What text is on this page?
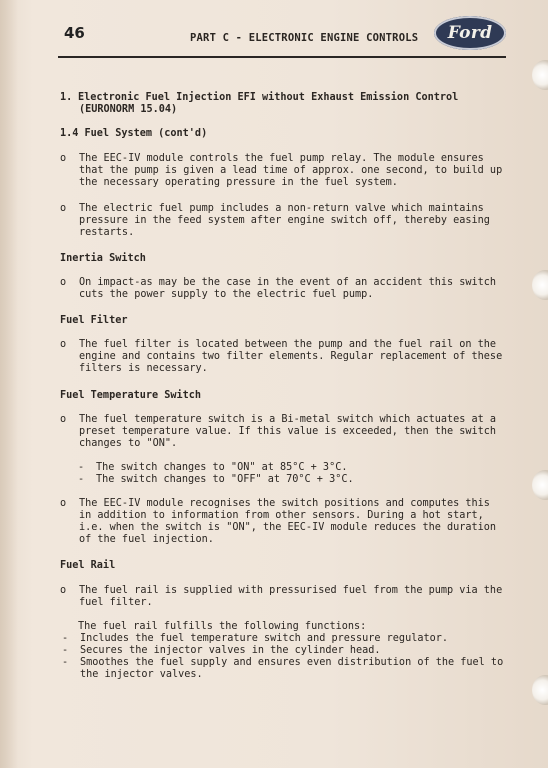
46	PART C - ELECTRONIC ENGINE CONTROLS Ford
1. Electronic Fuel Injection EFI without Exhaust Emission Control
(EURONORM 15.04)
1.4 Fuel System (cont'd)
o	The EEC-IV module controls the fuel pump relay. The module ensures that the pump is given a lead time of approx. one second, to build up the necessary operating pressure in the fuel system.
o	The electric fuel pump includes a non-return valve which maintains pressure in the feed system after engine switch off, thereby easing restarts.
Inertia Switch
o	On impact-as may be the case in the event of an accident this switch cuts the power supply to the electric fuel pump.
Fuel Filter
o	The fuel filter is located between the pump and the fuel rail on the engine and contains two filter elements. Regular replacement of these filters is necessary.
Fuel Temperature Switch
o	The fuel temperature switch is a Bi-metal switch which actuates at a preset temperature value. If this value is exceeded, then the switch changes to "ON".
-	The switch changes to "ON" at 85°C + 3°C.
-	The switch changes to "OFF" at 70°C + 3°C.
o	The EEC-IV module recognises the switch positions and computes this in addition to information from other sensors. During a hot start, i.e. when the switch is "ON", the EEC-IV module reduces the duration of the fuel injection.
Fuel Rail
o	The fuel rail is supplied with pressurised fuel from the pump via the fuel filter.
The fuel rail fulfills the following functions:
-	Includes the fuel temperature switch and pressure regulator.
-	Secures the injector valves in the cylinder head.
-	Smoothes the fuel supply and ensures even distribution of the fuel to the injector valves.
